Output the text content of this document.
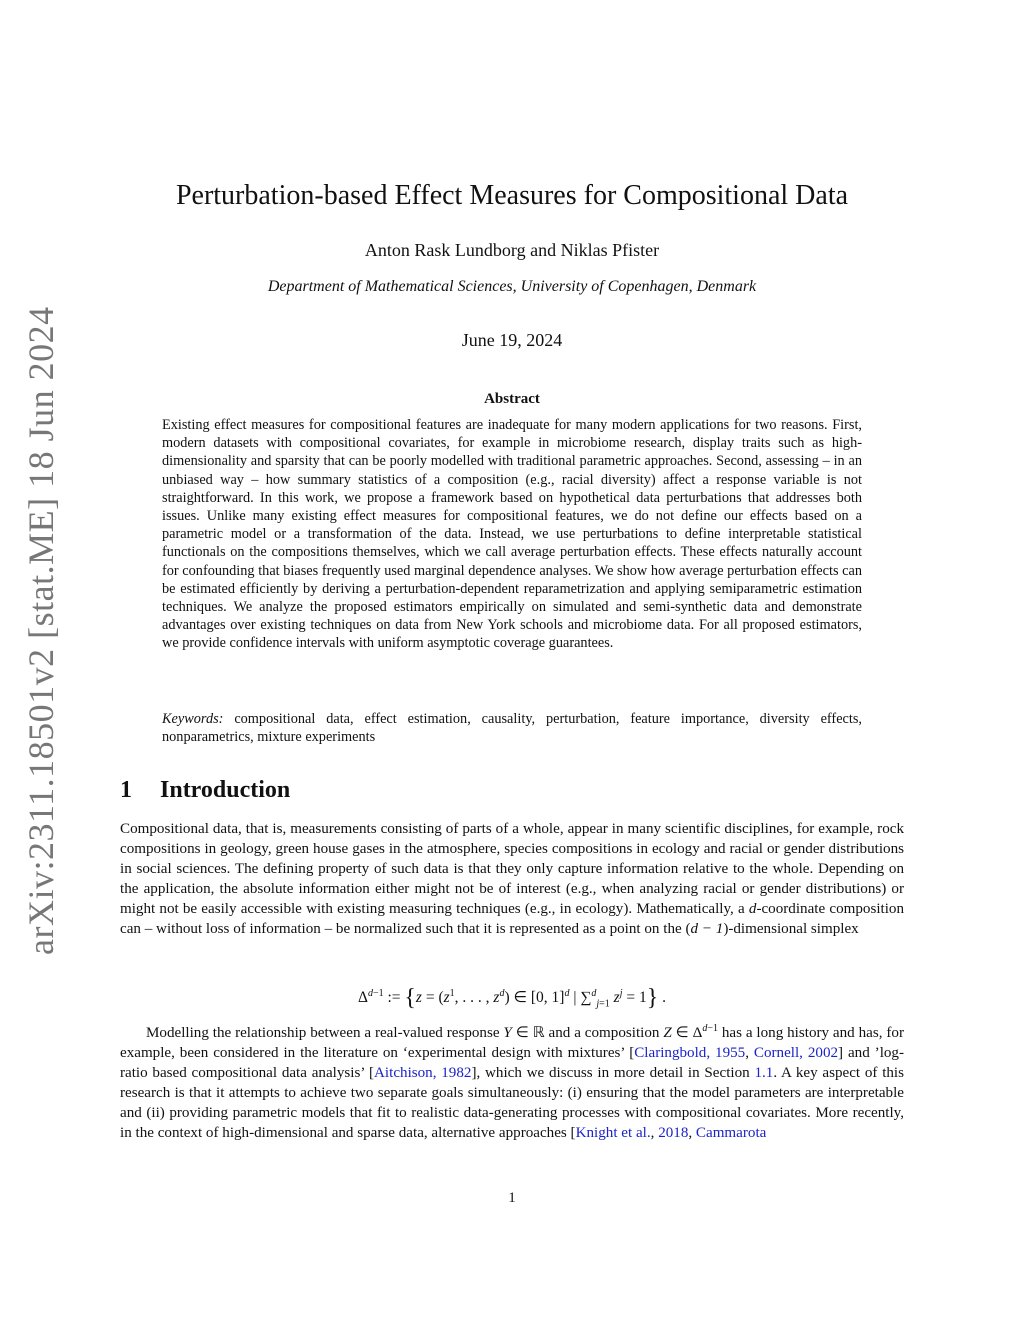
arXiv:2311.18501v2 [stat.ME] 18 Jun 2024
Perturbation-based Effect Measures for Compositional Data
Anton Rask Lundborg and Niklas Pfister
Department of Mathematical Sciences, University of Copenhagen, Denmark
June 19, 2024
Abstract
Existing effect measures for compositional features are inadequate for many modern applications for two reasons. First, modern datasets with compositional covariates, for example in microbiome research, display traits such as high-dimensionality and sparsity that can be poorly modelled with traditional parametric approaches. Second, assessing – in an unbiased way – how summary statistics of a composition (e.g., racial diversity) affect a response variable is not straightforward. In this work, we propose a framework based on hypothetical data perturbations that addresses both issues. Unlike many existing effect measures for compositional features, we do not define our effects based on a parametric model or a transformation of the data. Instead, we use perturbations to define interpretable statistical functionals on the compositions themselves, which we call average perturbation effects. These effects naturally account for confounding that biases frequently used marginal dependence analyses. We show how average perturbation effects can be estimated efficiently by deriving a perturbation-dependent reparametrization and applying semiparametric estimation techniques. We analyze the proposed estimators empirically on simulated and semi-synthetic data and demonstrate advantages over existing techniques on data from New York schools and microbiome data. For all proposed estimators, we provide confidence intervals with uniform asymptotic coverage guarantees.
Keywords: compositional data, effect estimation, causality, perturbation, feature importance, diversity effects, nonparametrics, mixture experiments
1 Introduction
Compositional data, that is, measurements consisting of parts of a whole, appear in many scientific disciplines, for example, rock compositions in geology, green house gases in the atmosphere, species compositions in ecology and racial or gender distributions in social sciences. The defining property of such data is that they only capture information relative to the whole. Depending on the application, the absolute information either might not be of interest (e.g., when analyzing racial or gender distributions) or might not be easily accessible with existing measuring techniques (e.g., in ecology). Mathematically, a d-coordinate composition can – without loss of information – be normalized such that it is represented as a point on the (d − 1)-dimensional simplex
$\Delta^{d-1}$ := {$z = (z^1$, . . . , $z^d$) ∈ [0, 1]$^d$ | ∑$^d_{j=1}$ $z^j = 1$} .
Modelling the relationship between a real-valued response Y ∈ ℝ and a composition Z ∈ $\Delta^{d-1}$ has a long history and has, for example, been considered in the literature on ‘experimental design with mixtures’ [Claringbold, 1955, Cornell, 2002] and ’log-ratio based compositional data analysis’ [Aitchison, 1982], which we discuss in more detail in Section 1.1. A key aspect of this research is that it attempts to achieve two separate goals simultaneously: (i) ensuring that the model parameters are interpretable and (ii) providing parametric models that fit to realistic data-generating processes with compositional covariates. More recently, in the context of high-dimensional and sparse data, alternative approaches [Knight et al., 2018, Cammarota
1
